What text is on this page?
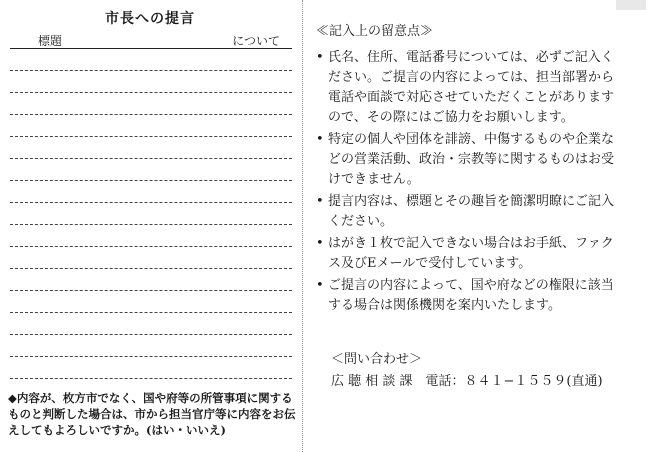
市長への提言
標題	について
◆内容が、枚方市でなく、国や府等の所管事項に関するものと判断した場合は、市から担当官庁等に内容をお伝えしてもよろしいですか。(はい・いいえ)
≪記入上の留意点≫
• 氏名、住所、電話番号については、必ずご記入ください。ご提言の内容によっては、担当部署から電話や面談で対応させていただくことがありますので、その際にはご協力をお願いします。
• 特定の個人や団体を誹謗、中傷するものや企業などの営業活動、政治・宗教等に関するものはお受けできません。
• 提言内容は、標題とその趣旨を簡潔明瞭にご記入ください。
• はがき１枚で記入できない場合はお手紙、ファクス及びEメールで受付しています。
• ご提言の内容によって、国や府などの権限に該当する場合は関係機関を案内いたします。
＜問い合わせ＞
広 聴 相 談 課　電話：８４１−１５５９(直通)
